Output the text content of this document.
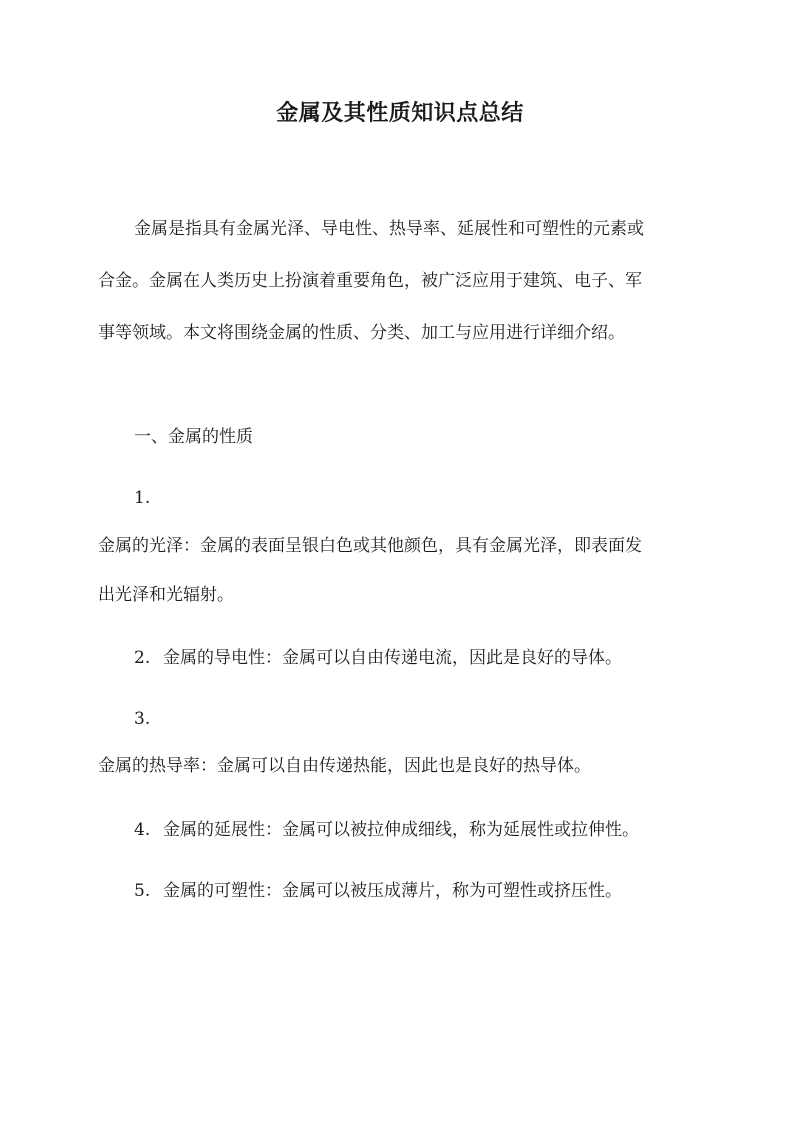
金属及其性质知识点总结
金属是指具有金属光泽、导电性、热导率、延展性和可塑性的元素或
合金。金属在人类历史上扮演着重要角色，被广泛应用于建筑、电子、军
事等领域。本文将围绕金属的性质、分类、加工与应用进行详细介绍。
一、金属的性质
1.
金属的光泽：金属的表面呈银白色或其他颜色，具有金属光泽，即表面发
出光泽和光辐射。
2. 金属的导电性：金属可以自由传递电流，因此是良好的导体。
3.
金属的热导率：金属可以自由传递热能，因此也是良好的热导体。
4. 金属的延展性：金属可以被拉伸成细线，称为延展性或拉伸性。
5. 金属的可塑性：金属可以被压成薄片，称为可塑性或挤压性。
